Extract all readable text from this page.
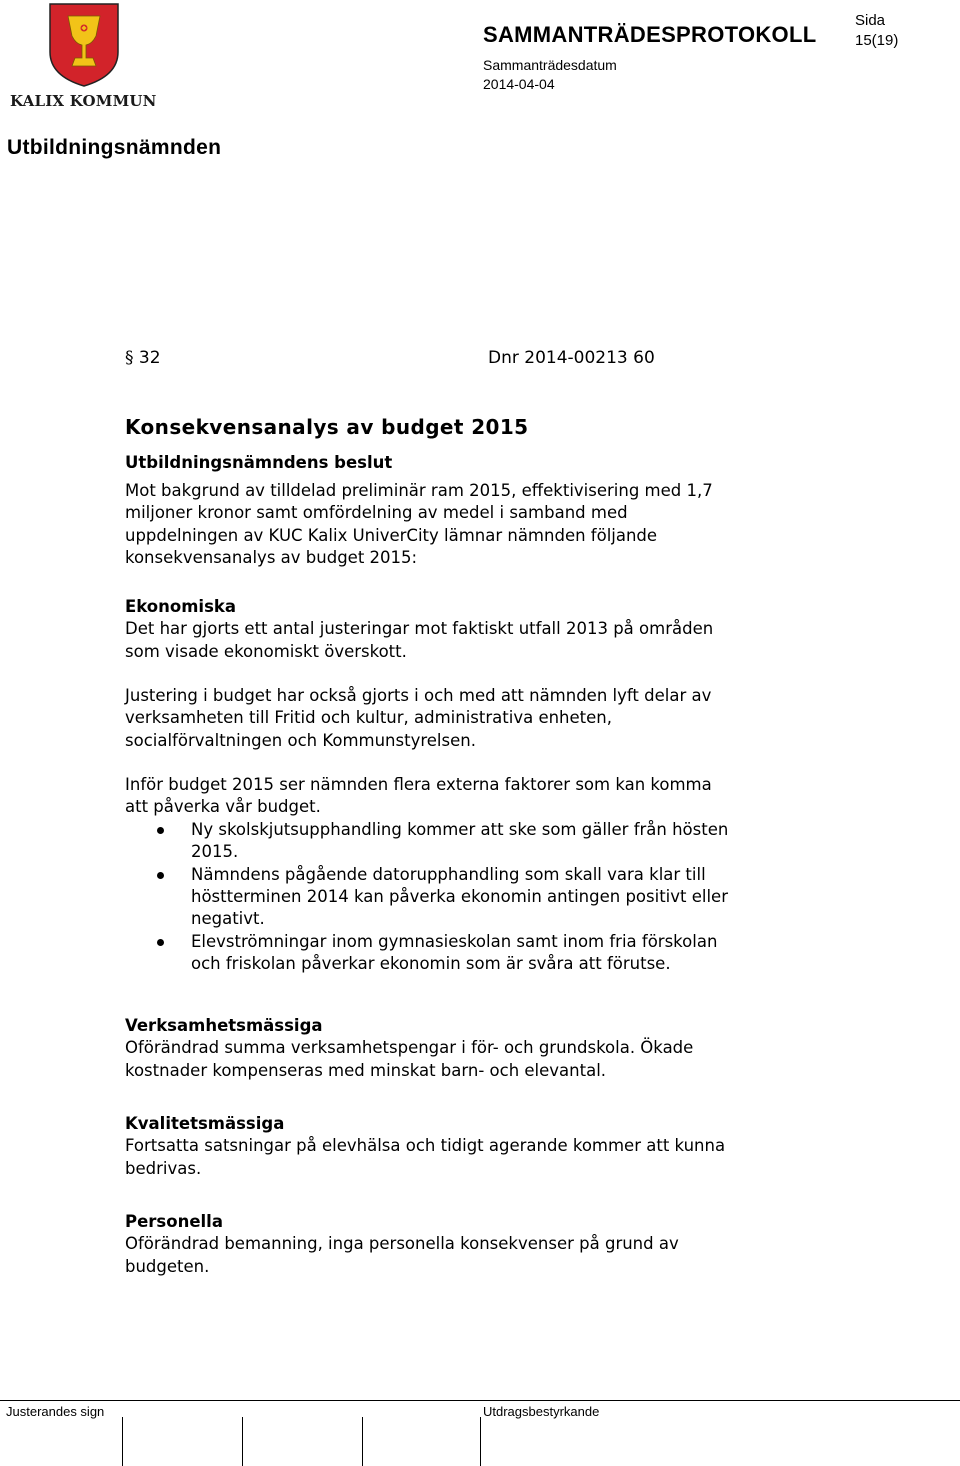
KALIX KOMMUN
SAMMANTRÄDESPROTOKOLL
Sida
15(19)
Sammanträdesdatum
2014-04-04
Utbildningsnämnden
§ 32	Dnr 2014-00213 60
Konsekvensanalys av budget 2015
Utbildningsnämndens beslut

Mot bakgrund av tilldelad preliminär ram 2015, effektivisering med 1,7

miljoner kronor samt omfördelning av medel i samband med

uppdelningen av KUC Kalix UniverCity lämnar nämnden följande

konsekvensanalys av budget 2015:

Ekonomiska

Det har gjorts ett antal justeringar mot faktiskt utfall 2013 på områden

som visade ekonomiskt överskott.

Justering i budget har också gjorts i och med att nämnden lyft delar av

verksamheten till Fritid och kultur, administrativa enheten,

socialförvaltningen och Kommunstyrelsen.

Inför budget 2015 ser nämnden flera externa faktorer som kan komma

att påverka vår budget.

Ny skolskjutsupphandling kommer att ske som gäller från hösten

2015.

Nämndens pågående datorupphandling som skall vara klar till

höstterminen 2014 kan påverka ekonomin antingen positivt eller

negativt.

Elevströmningar inom gymnasieskolan samt inom fria förskolan

och friskolan påverkar ekonomin som är svåra att förutse.

Verksamhetsmässiga

Oförändrad summa verksamhetspengar i för- och grundskola. Ökade

kostnader kompenseras med minskat barn- och elevantal.

Kvalitetsmässiga

Fortsatta satsningar på elevhälsa och tidigt agerande kommer att kunna

bedrivas.

Personella

Oförändrad bemanning, inga personella konsekvenser på grund av

budgeten.

Justerandes sign	Utdragsbestyrkande
